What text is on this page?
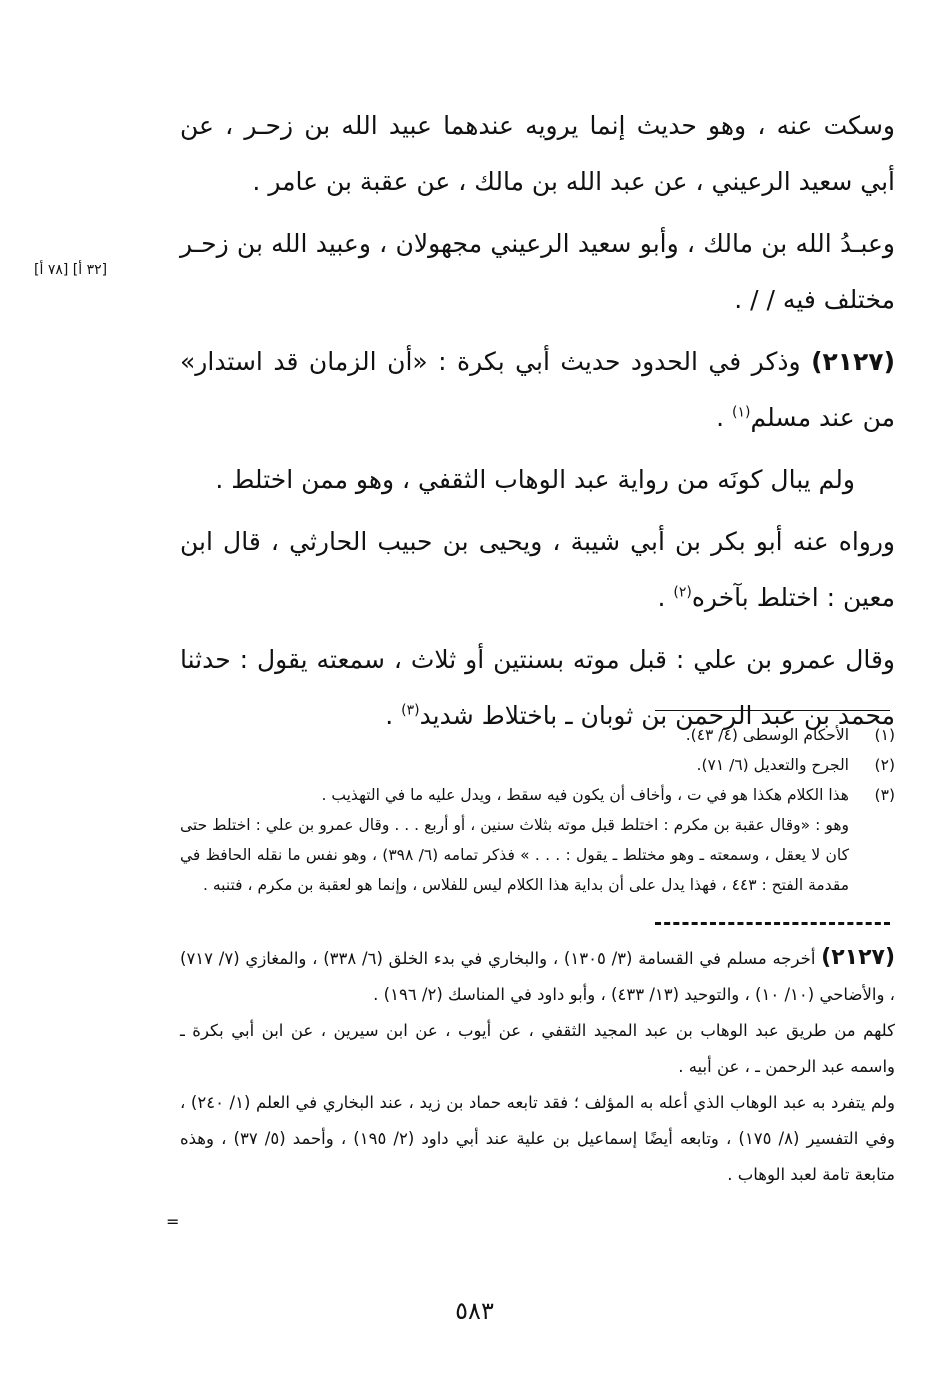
وسكت عنه ، وهو حديث إنما يرويه عندهما عبيد الله بن زحـر ، عن أبي سعيد الرعيني ، عن عبد الله بن مالك ، عن عقبة بن عامر .

وعبـدُ الله بن مالك ، وأبو سعيد الرعيني مجهولان ، وعبيد الله بن زحـر مختلف فيه / / .

(٢١٢٧) وذكر في الحدود حديث أبي بكرة : «أن الزمان قد استدار» من عند مسلم$^{(١)}$ .

ولم يبال كونَه من رواية عبد الوهاب الثقفي ، وهو ممن اختلط .

ورواه عنه أبو بكر بن أبي شيبة ، ويحيى بن حبيب الحارثي ، قال ابن معين : اختلط بآخره$^{(٢)}$ .

وقال عمرو بن علي : قبل موته بسنتين أو ثلاث ، سمعته يقول : حدثنا محمد بن عبد الرحمن بن ثوبان ـ باختلاط شديد$^{(٣)}$ .

[٣٢ أ] [٧٨ أ]
(١)
الأحكام الوسطى (٤/ ٤٣).
(٢)
الجرح والتعديل (٦/ ٧١).
(٣)
هذا الكلام هكذا هو في ت ، وأخاف أن يكون فيه سقط ، ويدل عليه ما في التهذيب .
وهو : «وقال عقبة بن مكرم : اختلط قبل موته بثلاث سنين ، أو أربع . . . وقال عمرو بن علي : اختلط حتى كان لا يعقل ، وسمعته ـ وهو مختلط ـ يقول : . . . » فذكر تمامه (٦/ ٣٩٨) ، وهو نفس ما نقله الحافظ في مقدمة الفتح : ٤٤٣ ، فهذا يدل على أن بداية هذا الكلام ليس للفلاس ، وإنما هو لعقبة بن مكرم ، فتنبه .

(٢١٢٧) أخرجه مسلم في القسامة (٣/ ١٣٠٥) ، والبخاري في بدء الخلق (٦/ ٣٣٨) ، والمغازي (٧/ ٧١٧) ، والأضاحي (١٠/ ١٠) ، والتوحيد (١٣/ ٤٣٣) ، وأبو داود في المناسك (٢/ ١٩٦) .

كلهم من طريق عبد الوهاب بن عبد المجيد الثقفي ، عن أيوب ، عن ابن سيرين ، عن ابن أبي بكرة ـ واسمه عبد الرحمن ـ ، عن أبيه .

ولم يتفرد به عبد الوهاب الذي أعله به المؤلف ؛ فقد تابعه حماد بن زيد ، عند البخاري في العلم (١/ ٢٤٠) ، وفي التفسير (٨/ ١٧٥) ، وتابعه أيضًا إسماعيل بن علية عند أبي داود (٢/ ١٩٥) ، وأحمد (٥/ ٣٧) ، وهذه متابعة تامة لعبد الوهاب .

=
٥٨٣
